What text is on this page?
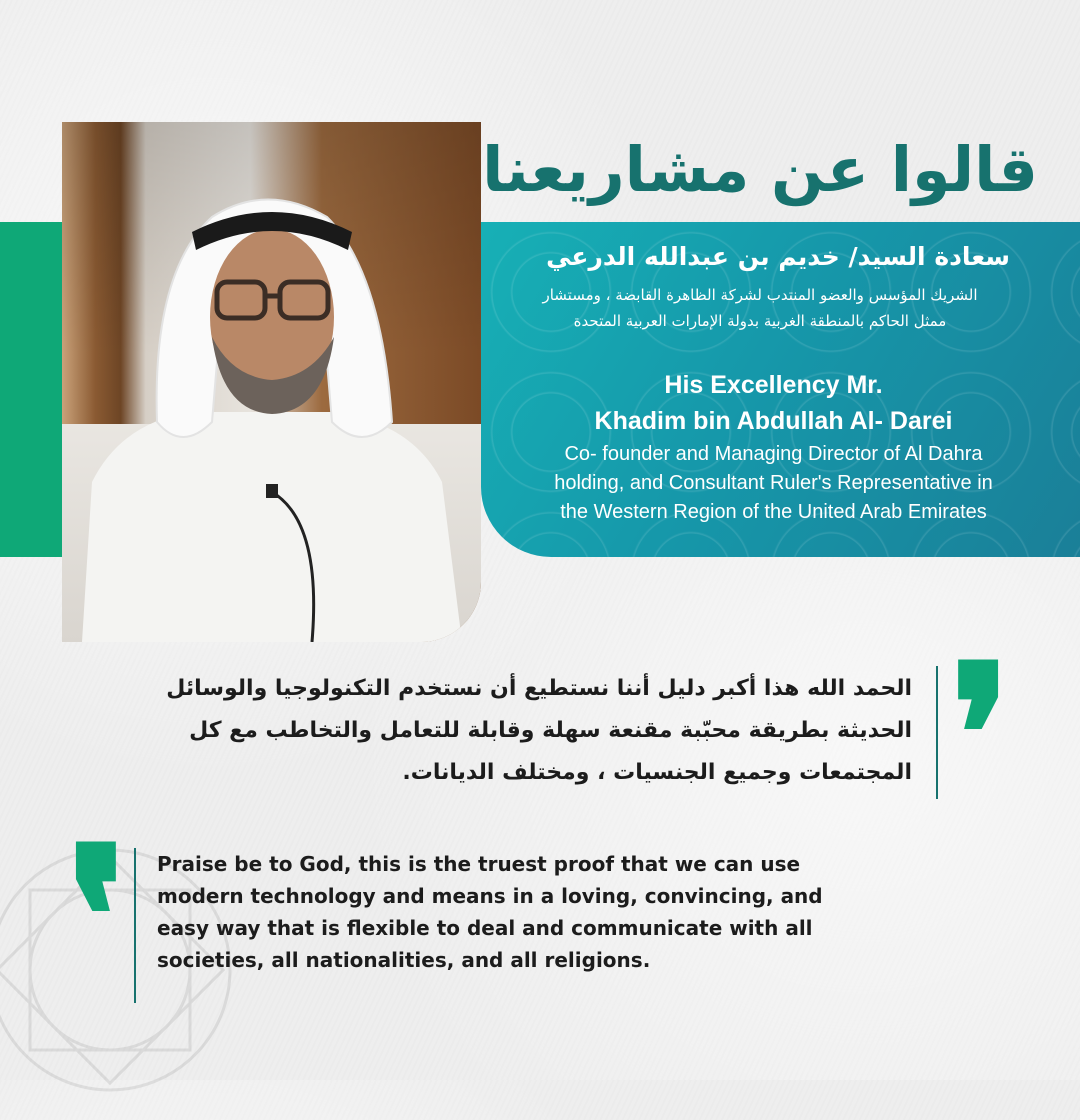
قالوا عن مشاريعنا
سعادة السيد/ خديم بن عبدالله الدرعي
الشريك المؤسس والعضو المنتدب لشركة الظاهرة القابضة ، ومستشار
ممثل الحاكم بالمنطقة الغربية بدولة الإمارات العربية المتحدة
His Excellency Mr.
Khadim bin Abdullah Al- Darei
Co- founder and Managing Director of Al Dahra
holding, and Consultant Ruler's Representative in
the Western Region of the United Arab Emirates
الحمد الله هذا أكبر دليل أننا نستطيع أن نستخدم التكنولوجيا والوسائل
الحديثة بطريقة محبّبة مقنعة سهلة وقابلة للتعامل والتخاطب مع كل
المجتمعات وجميع الجنسيات ، ومختلف الديانات. ❜
❜ Praise be to God, this is the truest proof that we can use
modern technology and means in a loving, convincing, and
easy way that is flexible to deal and communicate with all
societies, all nationalities, and all religions.
